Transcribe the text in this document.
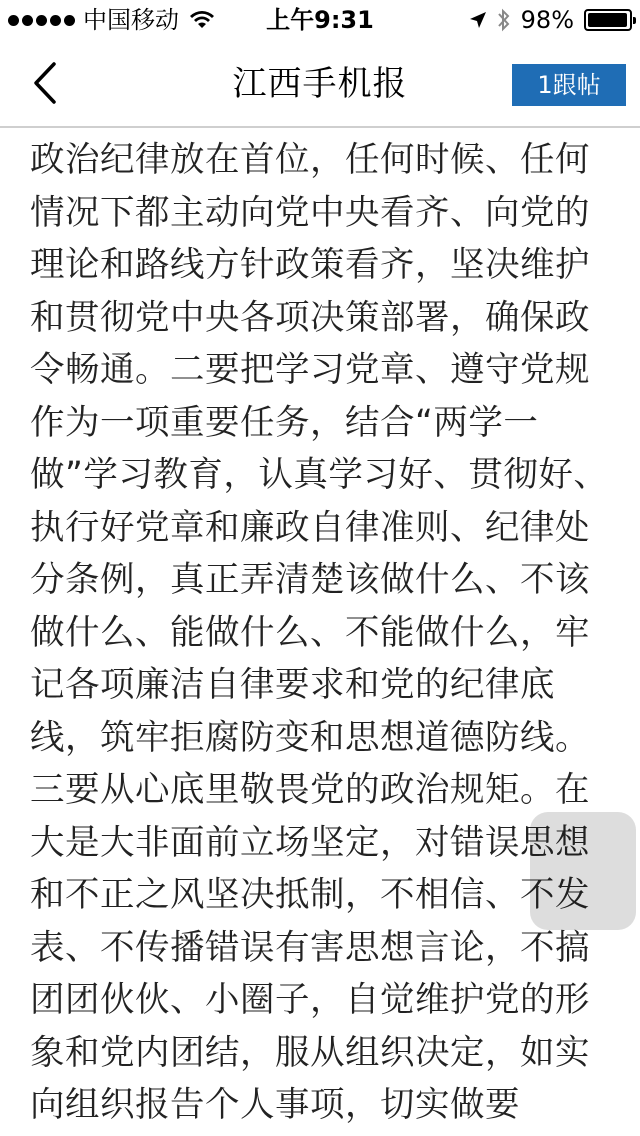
中国移动	上午9:31	98%
江西手机报	1跟帖

政治纪律放在首位，任何时候、任何情况下都主动向党中央看齐、向党的理论和路线方针政策看齐，坚决维护和贯彻党中央各项决策部署，确保政令畅通。二要把学习党章、遵守党规作为一项重要任务，结合“两学一做”学习教育，认真学习好、贯彻好、执行好党章和廉政自律准则、纪律处分条例，真正弄清楚该做什么、不该做什么、能做什么、不能做什么，牢记各项廉洁自律要求和党的纪律底线，筑牢拒腐防变和思想道德防线。三要从心底里敬畏党的政治规矩。在大是大非面前立场坚定，对错误思想和不正之风坚决抵制，不相信、不发表、不传播错误有害思想言论，不搞团团伙伙、小圈子，自觉维护党的形象和党内团结，服从组织决定，如实向组织报告个人事项，切实做要
